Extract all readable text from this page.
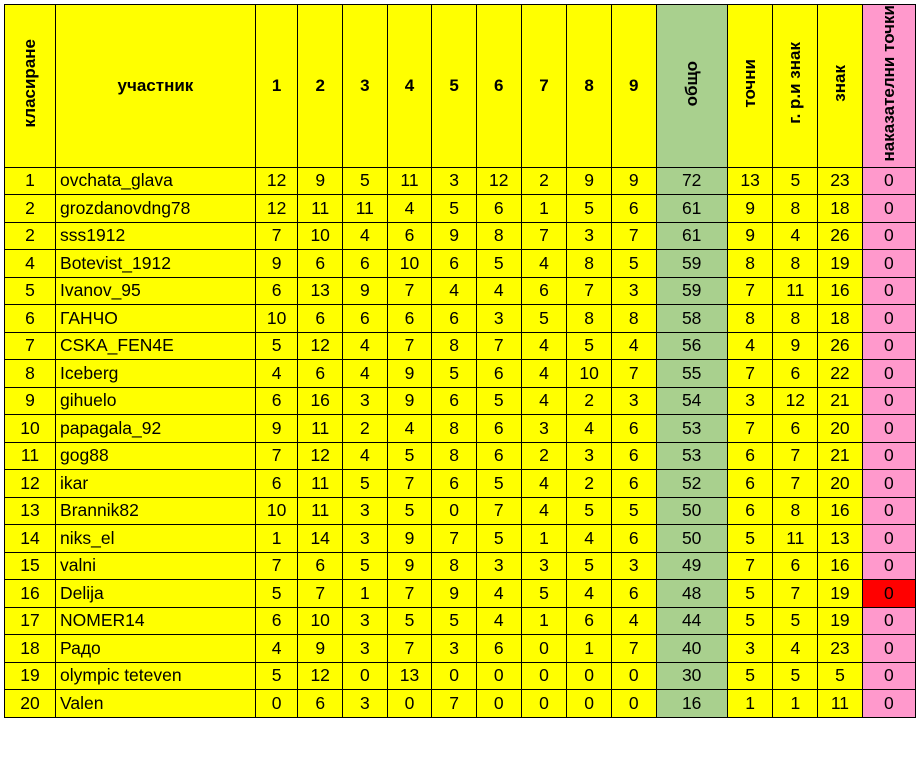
класиране	участник	1	2	3	4	5	6	7	8	9	общо	точни	г. р.и знак	знак	наказателни точки
1	ovchata_glava	12	9	5	11	3	12	2	9	9	72	13	5	23	0
2	grozdanovdng78	12	11	11	4	5	6	1	5	6	61	9	8	18	0
2	sss1912	7	10	4	6	9	8	7	3	7	61	9	4	26	0
4	Botevist_1912	9	6	6	10	6	5	4	8	5	59	8	8	19	0
5	Ivanov_95	6	13	9	7	4	4	6	7	3	59	7	11	16	0
6	ГАНЧО	10	6	6	6	6	3	5	8	8	58	8	8	18	0
7	CSKA_FEN4E	5	12	4	7	8	7	4	5	4	56	4	9	26	0
8	Iceberg	4	6	4	9	5	6	4	10	7	55	7	6	22	0
9	gihuelo	6	16	3	9	6	5	4	2	3	54	3	12	21	0
10	papagala_92	9	11	2	4	8	6	3	4	6	53	7	6	20	0
11	gog88	7	12	4	5	8	6	2	3	6	53	6	7	21	0
12	ikar	6	11	5	7	6	5	4	2	6	52	6	7	20	0
13	Brannik82	10	11	3	5	0	7	4	5	5	50	6	8	16	0
14	niks_el	1	14	3	9	7	5	1	4	6	50	5	11	13	0
15	valni	7	6	5	9	8	3	3	5	3	49	7	6	16	0
16	Delija	5	7	1	7	9	4	5	4	6	48	5	7	19	0
17	NOMER14	6	10	3	5	5	4	1	6	4	44	5	5	19	0
18	Радо	4	9	3	7	3	6	0	1	7	40	3	4	23	0
19	olympic teteven	5	12	0	13	0	0	0	0	0	30	5	5	5	0
20	Valen	0	6	3	0	7	0	0	0	0	16	1	1	11	0
